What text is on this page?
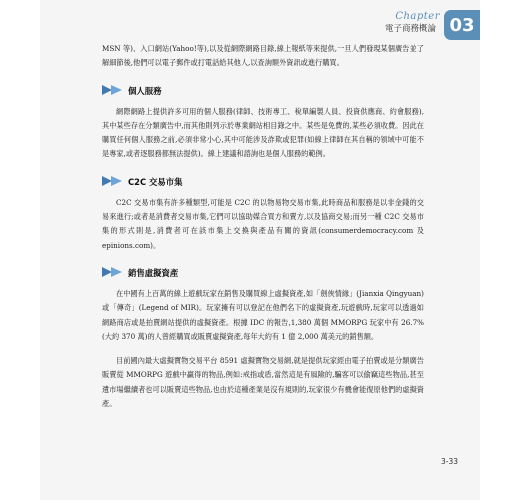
Chapter
電子商務概論 03

MSN 等)、入口網站(Yahoo!等),以及從網際網路目錄,線上報紙等來提供,一旦人們發現某個廣告並了解細節後,他們可以電子郵件或打電話給其他人,以查詢額外資訊或進行購買。

個人服務

網際網路上提供許多可用的個人服務(律師、技術專工、稅單編製人員、投資供應商、約會服務),其中某些存在分類廣告中,而其他則列示於專業網站相目錄之中。某些是免費的,某些必須收費。因此在購買任何個人服務之前,必須非常小心,其中可能涉及詐欺或犯罪(如線上律師在其自稱的領域中可能不是專家,或者逐服務都無法提供)。線上建議和諮詢也是個人服務的範例。

C2C 交易市集

C2C 交易市集有許多種類型,可能是 C2C 的以物易物交易市集,此時商品和服務是以非金錢的交易來進行;或者是消費者交易市集,它們可以協助媒合買方和賣方,以及協商交易;而另一種 C2C 交易市集的形式則是,消費者可在該市集上交換與產品有關的資訊(consumerdemocracy.com 及 epinions.com)。

銷售虛擬資產

在中國有上百萬的線上遊戲玩家在銷售及購買線上虛擬資產,如「劍俠情緣」(Jianxia Qingyuan)或「傳奇」(Legend of MIR)。玩家擁有可以登記在他們名下的虛擬資產,玩遊戲時,玩家可以透過如網路商店或是拍賣網站提供的虛擬資產。根據 IDC 的報告,1,380 萬個 MMORPG 玩家中有 26.7%(大約 370 萬)的人曾經購買或販賣虛擬資產,每年大約有 1 億 2,000 萬美元的銷售額。

目前國內最大虛擬寶物交易平台 8591 虛擬寶物交易網,就是提供玩家經由電子拍賣或是分類廣告販賣從 MMORPG 遊戲中贏得的物品,例如:戒指或盾,當然這是有風險的,騙客可以偷竊這些物品,甚至遺市場繼續者也可以販賣這些物品,也由於這種產業是沒有規則的,玩家很少有機會能復原他們的虛擬資產。

3-33
